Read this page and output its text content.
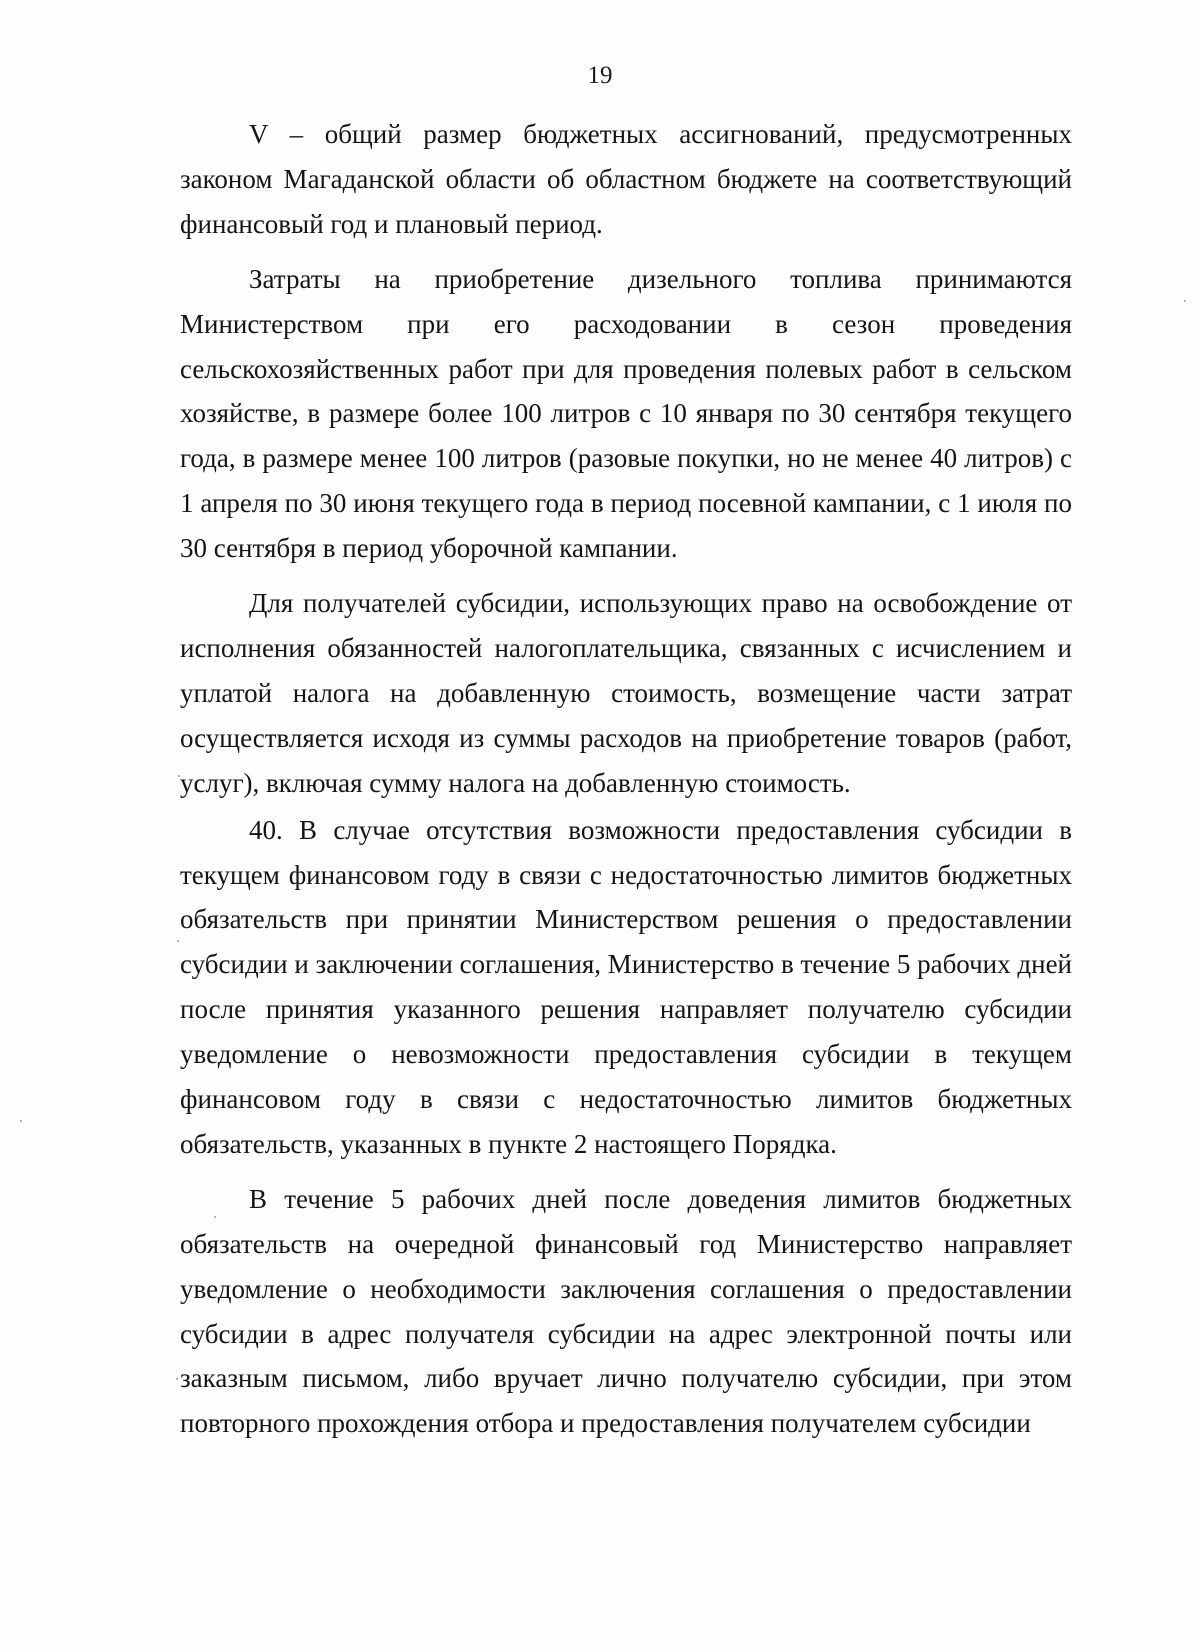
19

V – общий размер бюджетных ассигнований, предусмотренных законом Магаданской области об областном бюджете на соответствующий финансовый год и плановый период.

Затраты на приобретение дизельного топлива принимаются Министерством при его расходовании в сезон проведения сельскохозяйственных работ при для проведения полевых работ в сельском хозяйстве, в размере более 100 литров с 10 января по 30 сентября текущего года, в размере менее 100 литров (разовые покупки, но не менее 40 литров) с 1 апреля по 30 июня текущего года в период посевной кампании, с 1 июля по 30 сентября в период уборочной кампании.

Для получателей субсидии, использующих право на освобождение от исполнения обязанностей налогоплательщика, связанных с исчислением и уплатой налога на добавленную стоимость, возмещение части затрат осуществляется исходя из суммы расходов на приобретение товаров (работ, услуг), включая сумму налога на добавленную стоимость.

40. В случае отсутствия возможности предоставления субсидии в текущем финансовом году в связи с недостаточностью лимитов бюджетных обязательств при принятии Министерством решения о предоставлении субсидии и заключении соглашения, Министерство в течение 5 рабочих дней после принятия указанного решения направляет получателю субсидии уведомление о невозможности предоставления субсидии в текущем финансовом году в связи с недостаточностью лимитов бюджетных обязательств, указанных в пункте 2 настоящего Порядка.

В течение 5 рабочих дней после доведения лимитов бюджетных обязательств на очередной финансовый год Министерство направляет уведомление о необходимости заключения соглашения о предоставлении субсидии в адрес получателя субсидии на адрес электронной почты или заказным письмом, либо вручает лично получателю субсидии, при этом повторного прохождения отбора и предоставления получателем субсидии
